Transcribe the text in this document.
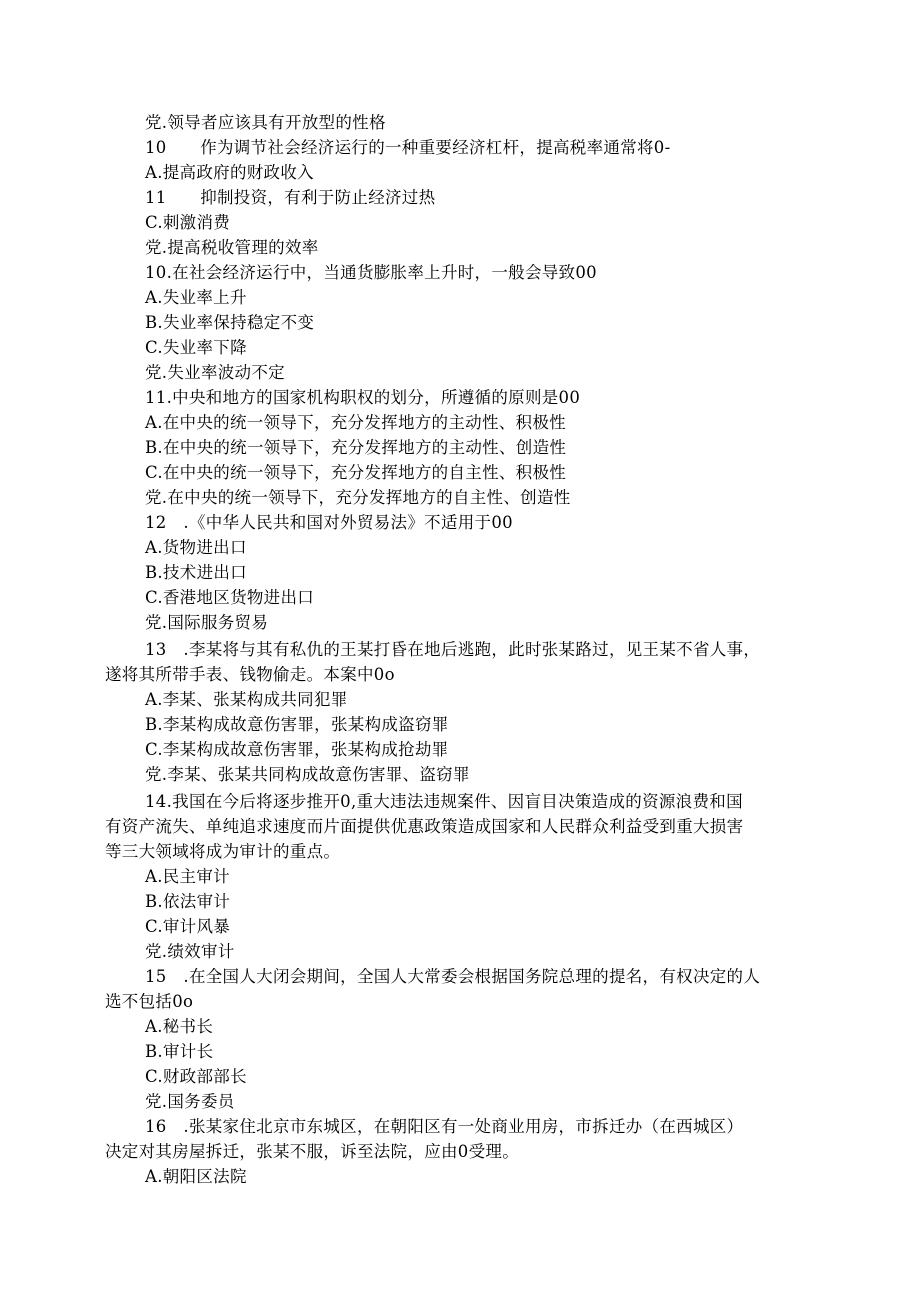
党.领导者应该具有开放型的性格
10　　作为调节社会经济运行的一种重要经济杠杆，提高税率通常将0-
A.提高政府的财政收入
11　　抑制投资，有利于防止经济过热
C.刺激消费
党.提高税收管理的效率
10.在社会经济运行中，当通货膨胀率上升时，一般会导致00
A.失业率上升
B.失业率保持稳定不变
C.失业率下降
党.失业率波动不定
11.中央和地方的国家机构职权的划分，所遵循的原则是00
A.在中央的统一领导下，充分发挥地方的主动性、积极性
B.在中央的统一领导下，充分发挥地方的主动性、创造性
C.在中央的统一领导下，充分发挥地方的自主性、积极性
党.在中央的统一领导下，充分发挥地方的自主性、创造性
12　.《中华人民共和国对外贸易法》不适用于00
A.货物进出口
B.技术进出口
C.香港地区货物进出口
党.国际服务贸易
13　.李某将与其有私仇的王某打昏在地后逃跑，此时张某路过，见王某不省人事，
遂将其所带手表、钱物偷走。本案中0o
A.李某、张某构成共同犯罪
B.李某构成故意伤害罪，张某构成盗窃罪
C.李某构成故意伤害罪，张某构成抢劫罪
党.李某、张某共同构成故意伤害罪、盗窃罪
14.我国在今后将逐步推开0,重大违法违规案件、因盲目决策造成的资源浪费和国
有资产流失、单纯追求速度而片面提供优惠政策造成国家和人民群众利益受到重大损害
等三大领域将成为审计的重点。
A.民主审计
B.依法审计
C.审计风暴
党.绩效审计
15　.在全国人大闭会期间，全国人大常委会根据国务院总理的提名，有权决定的人
选不包括0o
A.秘书长
B.审计长
C.财政部部长
党.国务委员
16　.张某家住北京市东城区，在朝阳区有一处商业用房，市拆迁办（在西城区）
决定对其房屋拆迁，张某不服，诉至法院，应由0受理。
A.朝阳区法院
